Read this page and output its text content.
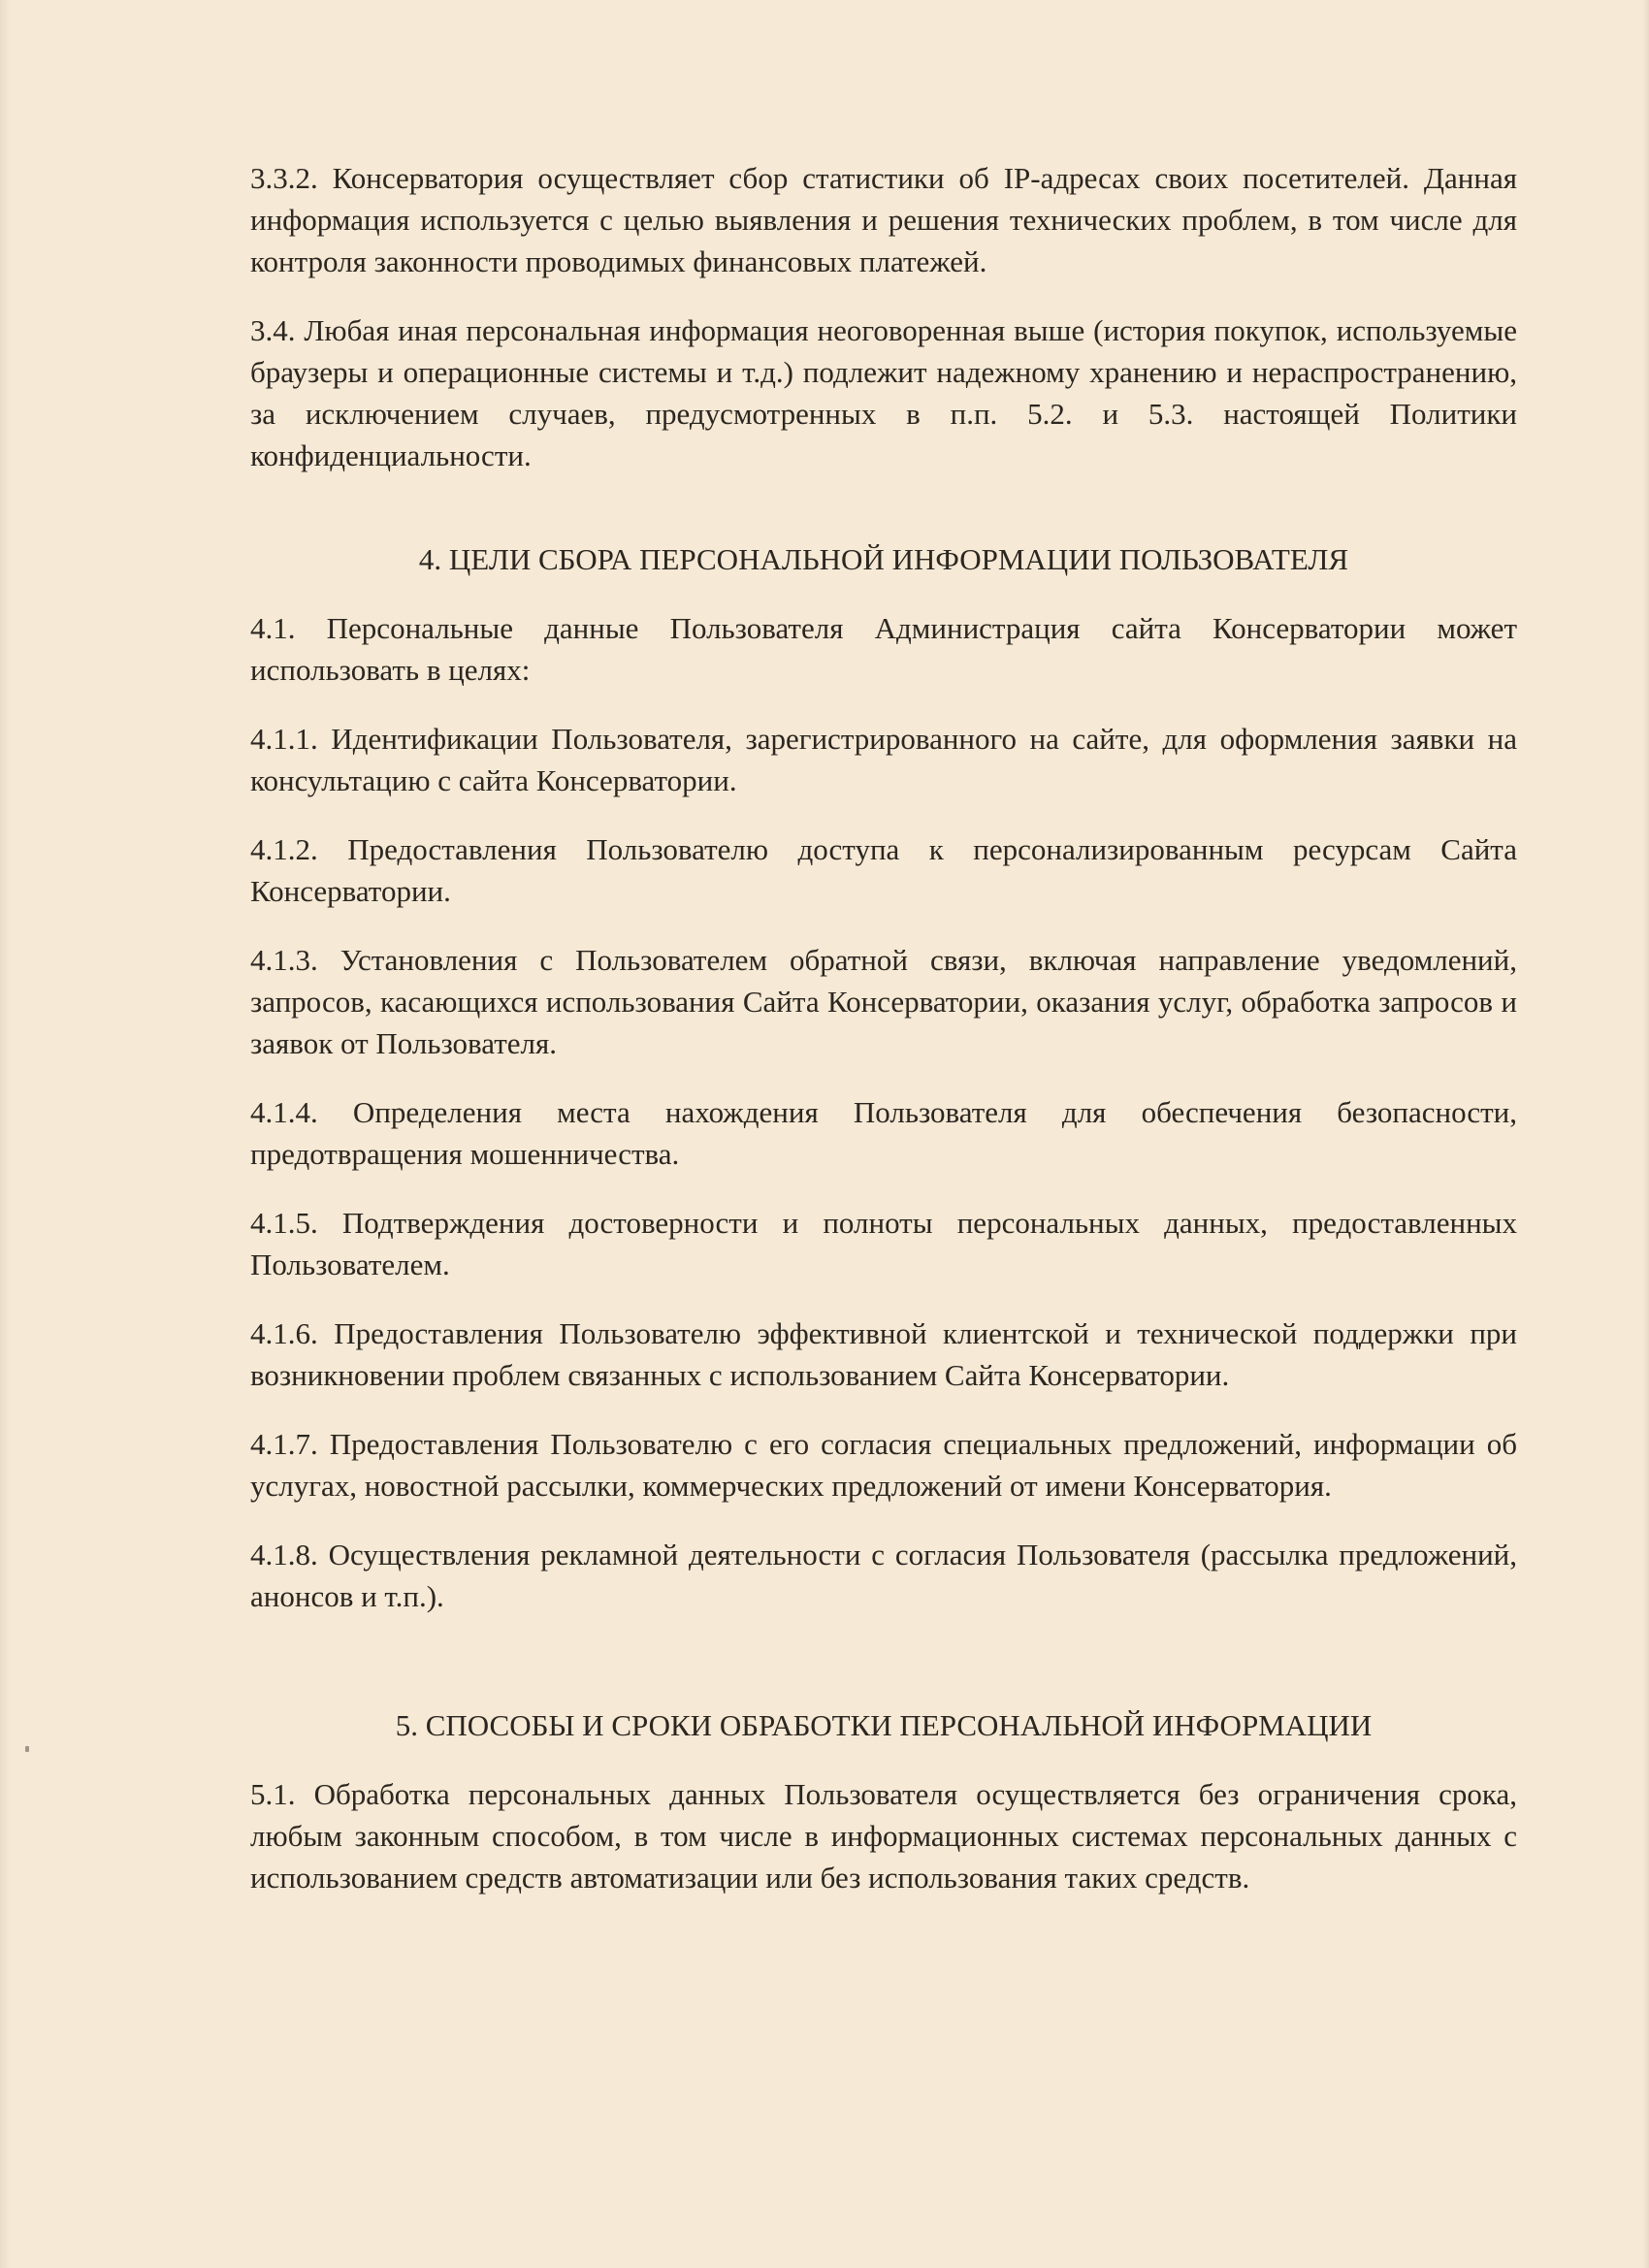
3.3.2. Консерватория осуществляет сбор статистики об IP-адресах своих посетителей. Данная информация используется с целью выявления и решения технических проблем, в том числе для контроля законности проводимых финансовых платежей.

3.4. Любая иная персональная информация неоговоренная выше (история покупок, используемые браузеры и операционные системы и т.д.) подлежит надежному хранению и нераспространению, за исключением случаев, предусмотренных в п.п. 5.2. и 5.3. настоящей Политики конфиденциальности.

4. ЦЕЛИ СБОРА ПЕРСОНАЛЬНОЙ ИНФОРМАЦИИ ПОЛЬЗОВАТЕЛЯ

4.1. Персональные данные Пользователя Администрация сайта Консерватории может использовать в целях:

4.1.1. Идентификации Пользователя, зарегистрированного на сайте, для оформления заявки на консультацию с сайта Консерватории.

4.1.2. Предоставления Пользователю доступа к персонализированным ресурсам Сайта Консерватории.

4.1.3. Установления с Пользователем обратной связи, включая направление уведомлений, запросов, касающихся использования Сайта Консерватории, оказания услуг, обработка запросов и заявок от Пользователя.

4.1.4. Определения места нахождения Пользователя для обеспечения безопасности, предотвращения мошенничества.

4.1.5. Подтверждения достоверности и полноты персональных данных, предоставленных Пользователем.

4.1.6. Предоставления Пользователю эффективной клиентской и технической поддержки при возникновении проблем связанных с использованием Сайта Консерватории.

4.1.7. Предоставления Пользователю с его согласия специальных предложений, информации об услугах, новостной рассылки, коммерческих предложений от имени Консерватория.

4.1.8. Осуществления рекламной деятельности с согласия Пользователя (рассылка предложений, анонсов и т.п.).

5. СПОСОБЫ И СРОКИ ОБРАБОТКИ ПЕРСОНАЛЬНОЙ ИНФОРМАЦИИ

5.1. Обработка персональных данных Пользователя осуществляется без ограничения срока, любым законным способом, в том числе в информационных системах персональных данных с использованием средств автоматизации или без использования таких средств.
